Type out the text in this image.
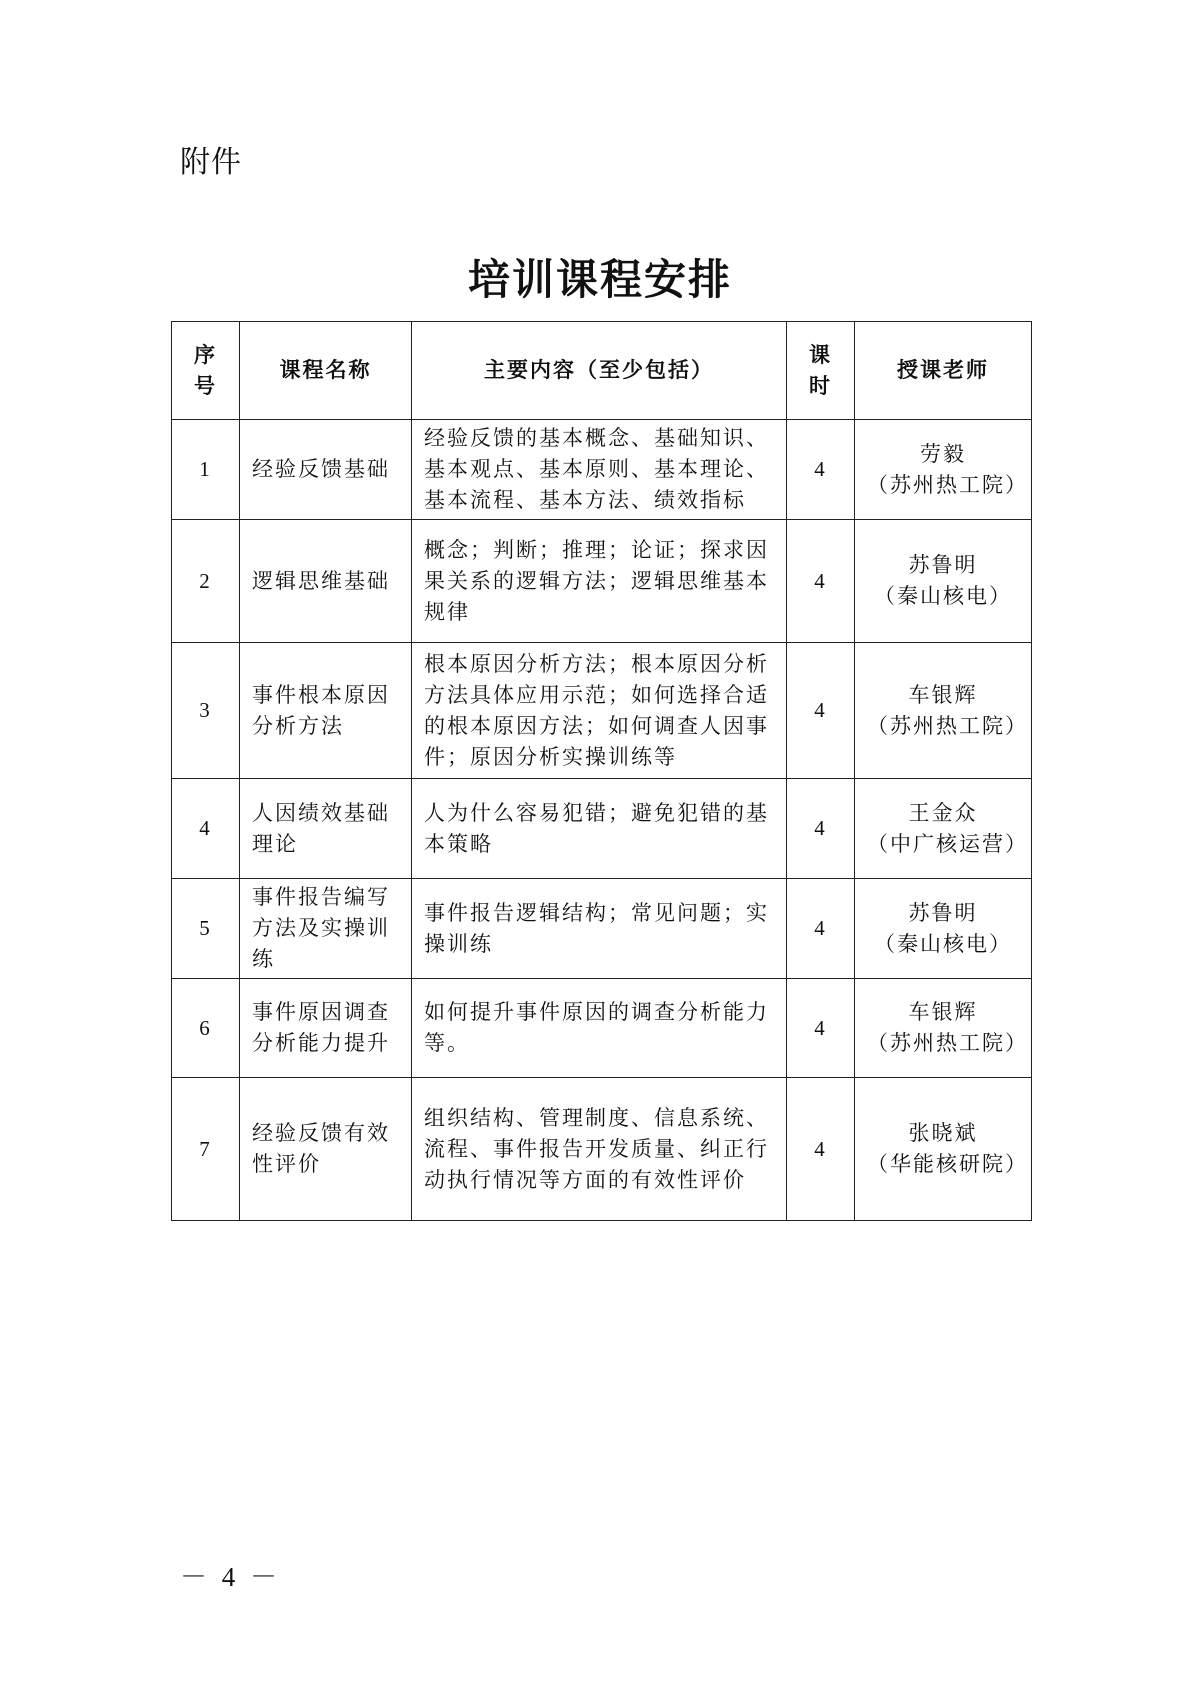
附件
培训课程安排
序号	课程名称	主要内容（至少包括）	课时	授课老师
1	经验反馈基础	经验反馈的基本概念、基础知识、基本观点、基本原则、基本理论、基本流程、基本方法、绩效指标	4	劳毅
（苏州热工院）

2	逻辑思维基础	概念；判断；推理；论证；探求因果关系的逻辑方法；逻辑思维基本规律	4	苏鲁明
（秦山核电）

3	事件根本原因分析方法	根本原因分析方法；根本原因分析方法具体应用示范；如何选择合适的根本原因方法；如何调查人因事件；原因分析实操训练等	4	车银辉
（苏州热工院）

4	人因绩效基础理论	人为什么容易犯错；避免犯错的基本策略	4	王金众
（中广核运营）

5	事件报告编写方法及实操训练	事件报告逻辑结构；常见问题；实操训练	4	苏鲁明
（秦山核电）

6	事件原因调查分析能力提升	如何提升事件原因的调查分析能力等。	4	车银辉
（苏州热工院）

7	经验反馈有效性评价	组织结构、管理制度、信息系统、流程、事件报告开发质量、纠正行动执行情况等方面的有效性评价	4	张晓斌
（华能核研院）
－ 4 －
